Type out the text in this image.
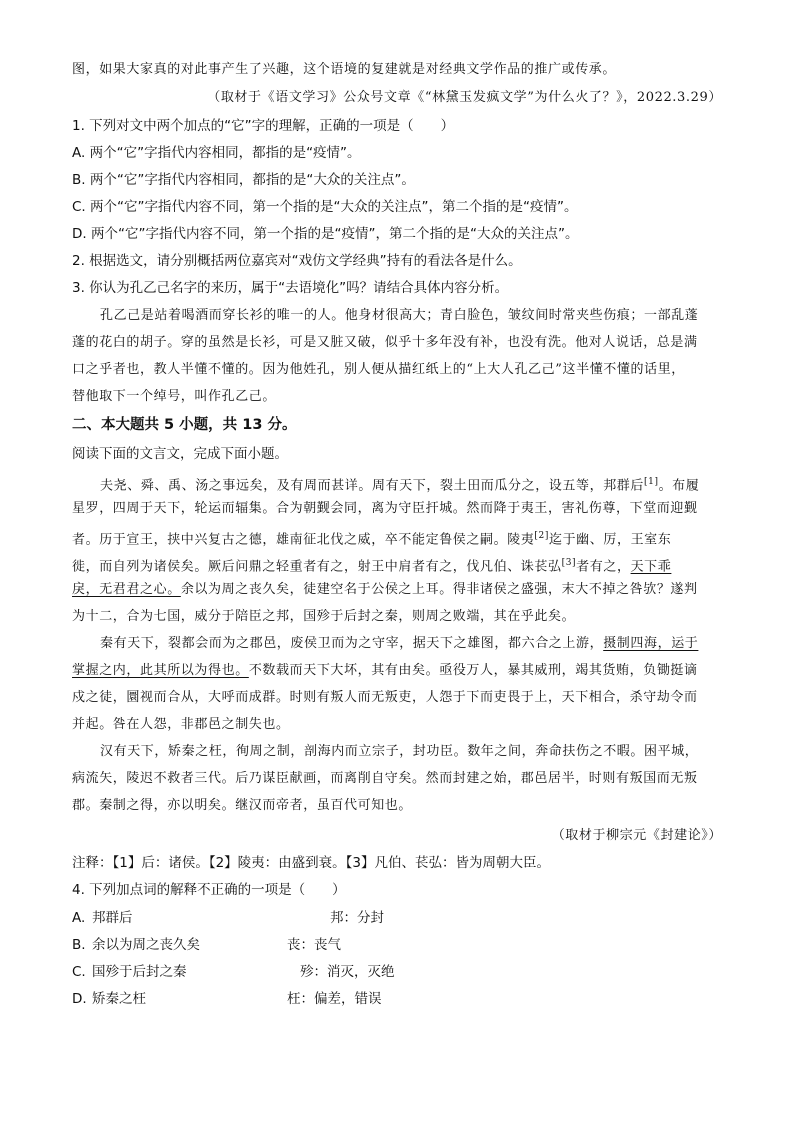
图，如果大家真的对此事产生了兴趣，这个语境的复建就是对经典文学作品的推广或传承。
（取材于《语文学习》公众号文章《“林黛玉发疯文学”为什么火了？》，2022.3.29）
1. 下列对文中两个加点的“它”字的理解，正确的一项是（　　）
A. 两个“它”字指代内容相同，都指的是“疫情”。
B. 两个“它”字指代内容相同，都指的是“大众的关注点”。
C. 两个“它”字指代内容不同，第一个指的是“大众的关注点”，第二个指的是“疫情”。
D. 两个“它”字指代内容不同，第一个指的是“疫情”，第二个指的是“大众的关注点”。
2. 根据选文，请分别概括两位嘉宾对“戏仿文学经典”持有的看法各是什么。
3. 你认为孔乙己名字的来历，属于“去语境化”吗？请结合具体内容分析。
孔乙己是站着喝酒而穿长衫的唯一的人。他身材很高大；青白脸色，皱纹间时常夹些伤痕；一部乱蓬
蓬的花白的胡子。穿的虽然是长衫，可是又脏又破，似乎十多年没有补，也没有洗。他对人说话，总是满
口之乎者也，教人半懂不懂的。因为他姓孔，别人便从描红纸上的“上大人孔乙己”这半懂不懂的话里，
替他取下一个绰号，叫作孔乙己。
二、本大题共 5 小题，共 13 分。
阅读下面的文言文，完成下面小题。
夫尧、舜、禹、汤之事远矣，及有周而甚详。周有天下，裂土田而瓜分之，设五等，邦群后[1]。布履
星罗，四周于天下，轮运而辐集。合为朝觐会同，离为守臣扞城。然而降于夷王，害礼伤尊，下堂而迎觐
者。历于宣王，挟中兴复古之德，雄南征北伐之威，卒不能定鲁侯之嗣。陵夷[2]迄于幽、厉，王室东
徙，而自列为诸侯矣。厥后问鼎之轻重者有之，射王中肩者有之，伐凡伯、诛苌弘[3]者有之，天下乖
戾，无君君之心。余以为周之丧久矣，徒建空名于公侯之上耳。得非诸侯之盛强，末大不掉之咎欤？遂判
为十二，合为七国，威分于陪臣之邦，国殄于后封之秦，则周之败端，其在乎此矣。
秦有天下，裂都会而为之郡邑，废侯卫而为之守宰，据天下之雄图，都六合之上游，摄制四海，运于
掌握之内，此其所以为得也。不数载而天下大坏，其有由矣。亟役万人，暴其威刑，竭其货贿，负锄挺谪
戍之徒，圜视而合从，大呼而成群。时则有叛人而无叛吏，人怨于下而吏畏于上，天下相合，杀守劫令而
并起。咎在人怨，非郡邑之制失也。
汉有天下，矫秦之枉，徇周之制，剖海内而立宗子，封功臣。数年之间，奔命扶伤之不暇。困平城，
病流矢，陵迟不救者三代。后乃谋臣献画，而离削自守矣。然而封建之始，郡邑居半，时则有叛国而无叛
郡。秦制之得，亦以明矣。继汉而帝者，虽百代可知也。
（取材于柳宗元《封建论》）
注释：【1】后：诸侯。【2】陵夷：由盛到衰。【3】凡伯、苌弘：皆为周朝大臣。
4. 下列加点词的解释不正确的一项是（　　）
A. 邦群后	邦：分封
B. 余以为周之丧久矣	丧：丧气
C. 国殄于后封之秦	殄：消灭，灭绝
D. 矫秦之枉	枉：偏差，错误
